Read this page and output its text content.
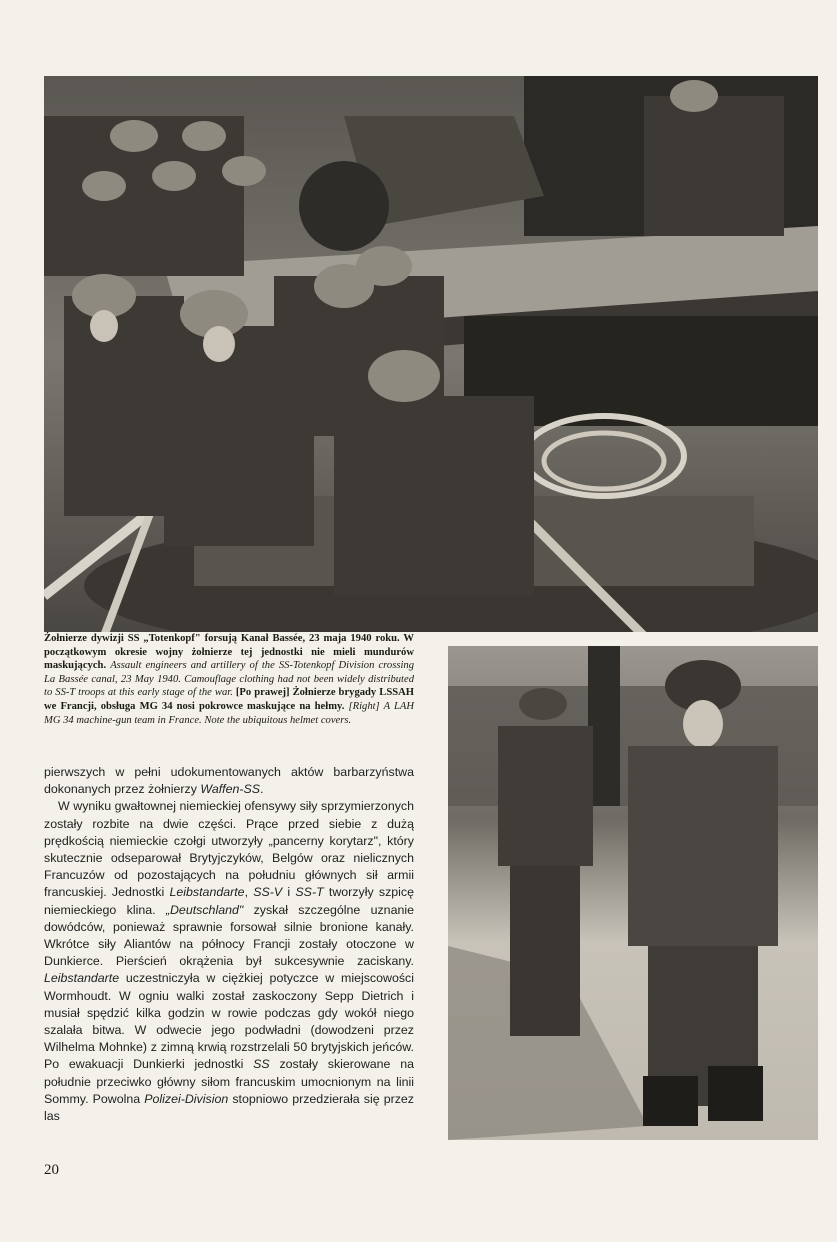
Żołnierze dywizji SS „Totenkopf" forsują Kanał Bassée, 23 maja 1940 roku. W początkowym okresie wojny żołnierze tej jednostki nie mieli mundurów maskujących. Assault engineers and artillery of the SS-Totenkopf Division crossing La Bassée canal, 23 May 1940. Camouflage clothing had not been widely distributed to SS-T troops at this early stage of the war. [Po prawej] Żołnierze brygady LSSAH we Francji, obsługa MG 34 nosi pokrowce maskujące na hełmy. [Right] A LAH MG 34 machine-gun team in France. Note the ubiquitous helmet covers.

pierwszych w pełni udokumentowanych aktów barbarzyństwa dokonanych przez żołnierzy Waffen-SS.

W wyniku gwałtownej niemieckiej ofensywy siły sprzymierzonych zostały rozbite na dwie części. Prące przed siebie z dużą prędkością niemieckie czołgi utworzyły „pancerny korytarz", który skutecznie odseparował Brytyjczyków, Belgów oraz nielicznych Francuzów od pozostających na południu głównych sił armii francuskiej. Jednostki Leibstandarte, SS-V i SS-T tworzyły szpicę niemieckiego klina. „Deutschland" zyskał szczególne uznanie dowódców, ponieważ sprawnie forsował silnie bronione kanały. Wkrótce siły Aliantów na północy Francji zostały otoczone w Dunkierce. Pierścień okrążenia był sukcesywnie zaciskany. Leibstandarte uczestniczyła w ciężkiej potyczce w miejscowości Wormhoudt. W ogniu walki został zaskoczony Sepp Dietrich i musiał spędzić kilka godzin w rowie podczas gdy wokół niego szalała bitwa. W odwecie jego podwładni (dowodzeni przez Wilhelma Mohnke) z zimną krwią rozstrzelali 50 brytyjskich jeńców. Po ewakuacji Dunkierki jednostki SS zostały skierowane na południe przeciwko główny siłom francuskim umocnionym na linii Sommy. Powolna Polizei-Division stopniowo przedzierała się przez las

20
